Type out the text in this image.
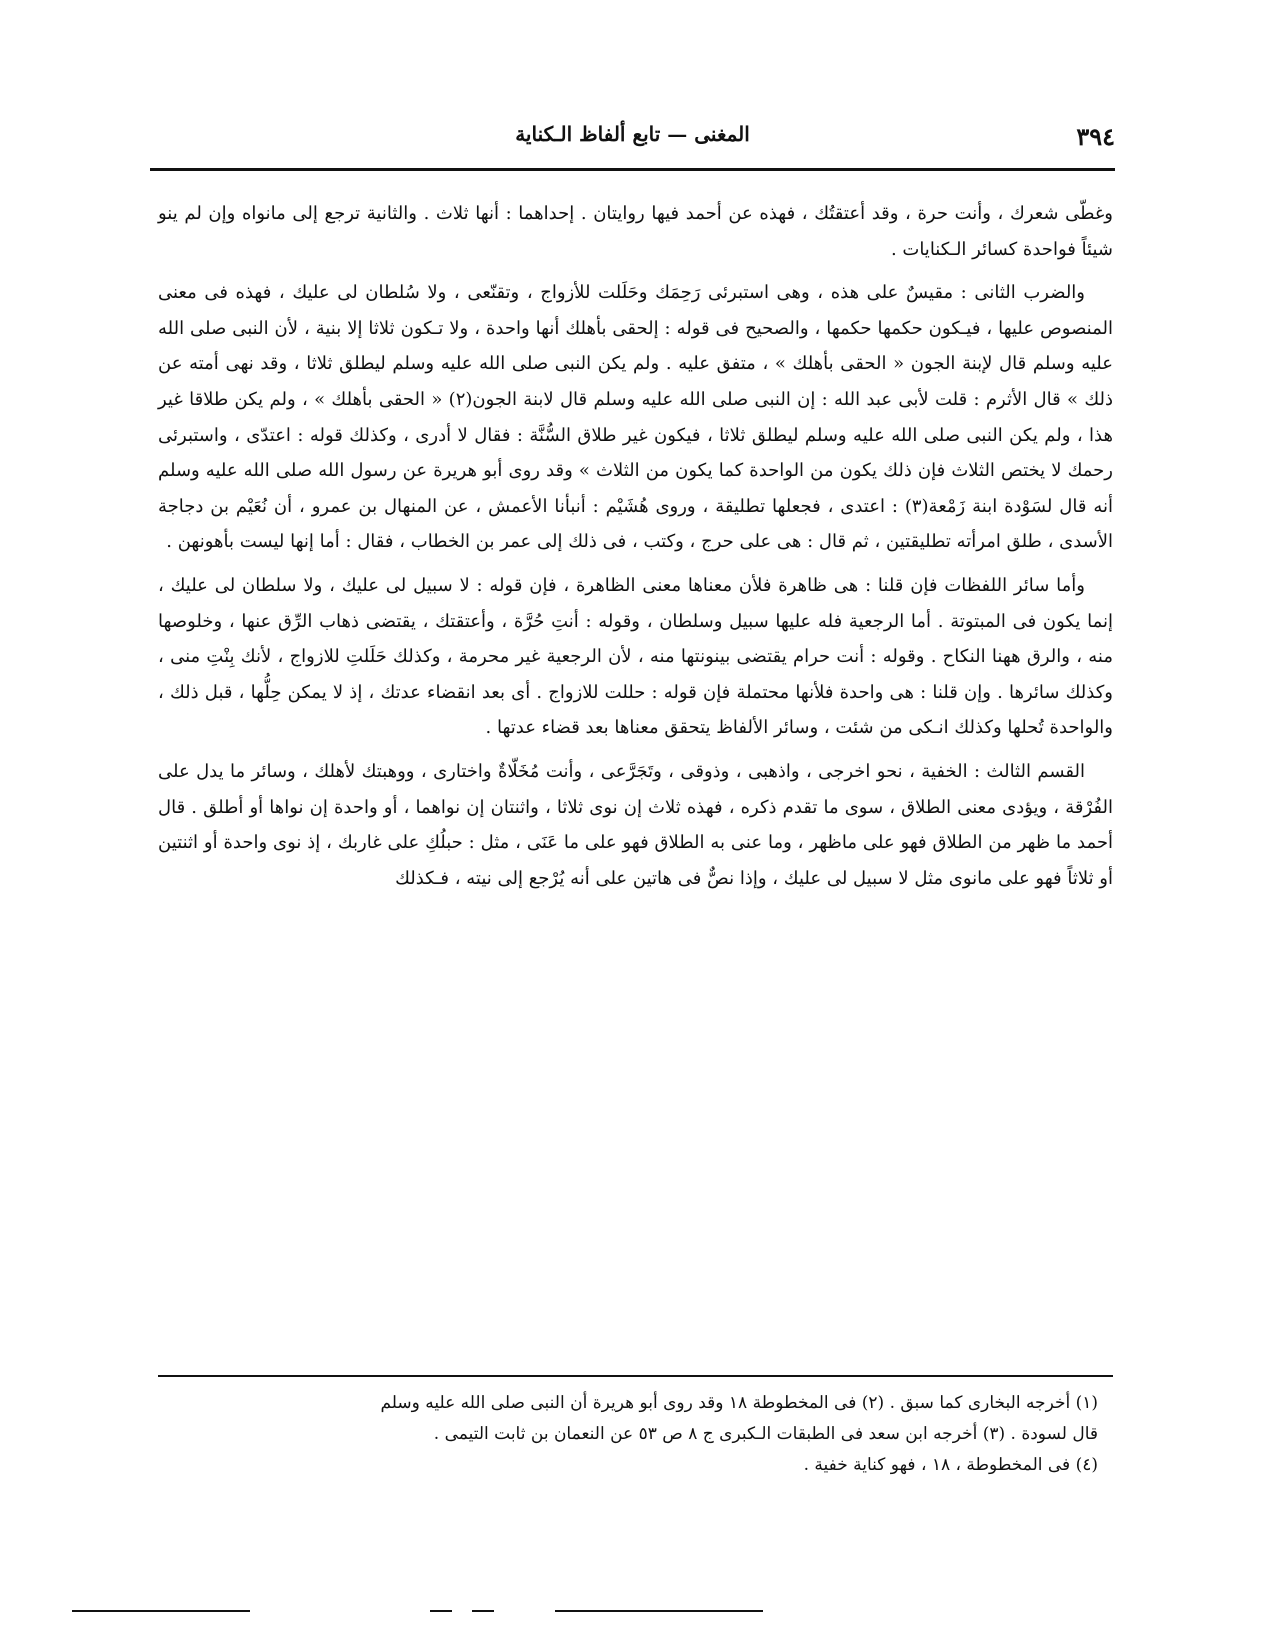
٣٩٤
المغنى — تابع ألفاظ الـكناية

وغطّى شعرك ، وأنت حرة ، وقد أعتقتُك ، فهذه عن أحمد فيها روايتان . إحداهما : أنها ثلاث . والثانية ترجع إلى مانواه وإن لم ينو شيئاً فواحدة كسائر الـكنايات .

والضرب الثانى : مقيسٌ على هذه ، وهى استبرئى رَحِمَك وحَلَلت للأزواج ، وتقنّعى ، ولا سُلطان لى عليك ، فهذه فى معنى المنصوص عليها ، فيـكون حكمها حكمها ، والصحيح فى قوله : إلحقى بأهلك أنها واحدة ، ولا تـكون ثلاثا إلا بنية ، لأن النبى صلى الله عليه وسلم قال لإبنة الجون « الحقى بأهلك » ، متفق عليه . ولم يكن النبى صلى الله عليه وسلم ليطلق ثلاثا ، وقد نهى أمته عن ذلك » قال الأثرم : قلت لأبى عبد الله : إن النبى صلى الله عليه وسلم قال لابنة الجون(٢) « الحقى بأهلك » ، ولم يكن طلاقا غير هذا ، ولم يكن النبى صلى الله عليه وسلم ليطلق ثلاثا ، فيكون غير طلاق السُّنَّة : فقال لا أدرى ، وكذلك قوله : اعتدّى ، واستبرئى رحمك لا يختص الثلاث فإن ذلك يكون من الواحدة كما يكون من الثلاث » وقد روى أبو هريرة عن رسول الله صلى الله عليه وسلم أنه قال لسَوْدة ابنة زَمْعة(٣) : اعتدى ، فجعلها تطليقة ، وروى هُشَيْم : أنبأنا الأعمش ، عن المنهال بن عمرو ، أن نُعَيْم بن دجاجة الأسدى ، طلق امرأته تطليقتين ، ثم قال : هى على حرج ، وكتب ، فى ذلك إلى عمر بن الخطاب ، فقال : أما إنها ليست بأهونهن .

وأما سائر اللفظات فإن قلنا : هى ظاهرة فلأن معناها معنى الظاهرة ، فإن قوله : لا سبيل لى عليك ، ولا سلطان لى عليك ، إنما يكون فى المبتوتة . أما الرجعية فله عليها سبيل وسلطان ، وقوله : أنتِ حُرَّة ، وأعتقتك ، يقتضى ذهاب الرِّق عنها ، وخلوصها منه ، والرق ههنا النكاح . وقوله : أنت حرام يقتضى بينونتها منه ، لأن الرجعية غير محرمة ، وكذلك حَلَلتِ للازواج ، لأنك بِنْتِ منى ، وكذلك سائرها . وإن قلنا : هى واحدة فلأنها محتملة فإن قوله : حللت للازواج . أى بعد انقضاء عدتك ، إذ لا يمكن حِلُّها ، قبل ذلك ، والواحدة تُحلها وكذلك انـكى من شئت ، وسائر الألفاظ يتحقق معناها بعد قضاء عدتها .

القسم الثالث : الخفية ، نحو اخرجى ، واذهبى ، وذوقى ، وتَجَرَّعى ، وأنت مُخَلّاةٌ واختارى ، ووهبتك لأهلك ، وسائر ما يدل على الفُرْقة ، ويؤدى معنى الطلاق ، سوى ما تقدم ذكره ، فهذه ثلاث إن نوى ثلاثا ، واثنتان إن نواهما ، أو واحدة إن نواها أو أطلق . قال أحمد ما ظهر من الطلاق فهو على ماظهر ، وما عنى به الطلاق فهو على ما عَنَى ، مثل : حبلُكِ على غاربك ، إذ نوى واحدة أو اثنتين أو ثلاثاً فهو على مانوى مثل لا سبيل لى عليك ، وإذا نصٌّ فى هاتين على أنه يُرْجع إلى نيته ، فـكذلك

(١) أخرجه البخارى كما سبق . (٢) فى المخطوطة ١٨ وقد روى أبو هريرة أن النبى صلى الله عليه وسلم
قال لسودة . (٣) أخرجه ابن سعد فى الطبقات الـكبرى ج ٨ ص ٥٣ عن النعمان بن ثابت التيمى .
(٤) فى المخطوطة ، ١٨ ، فهو كناية خفية .
